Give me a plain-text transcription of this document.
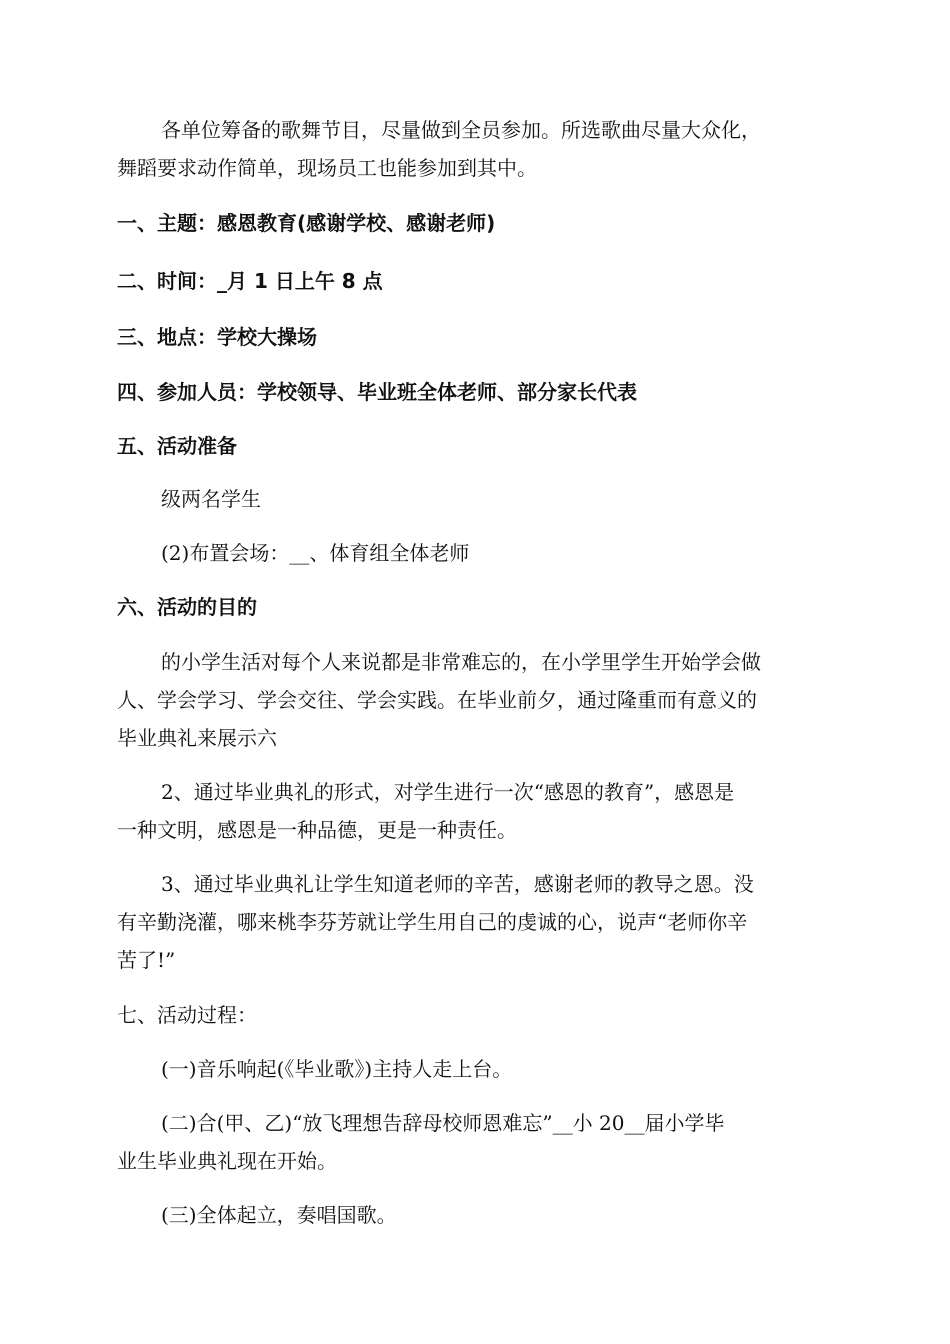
各单位筹备的歌舞节目，尽量做到全员参加。所选歌曲尽量大众化，
舞蹈要求动作简单，现场员工也能参加到其中。
一、主题：感恩教育(感谢学校、感谢老师)
二、时间：_月 1 日上午 8 点
三、地点：学校大操场
四、参加人员：学校领导、毕业班全体老师、部分家长代表
五、活动准备
级两名学生
(2)布置会场：__、体育组全体老师
六、活动的目的
的小学生活对每个人来说都是非常难忘的，在小学里学生开始学会做
人、学会学习、学会交往、学会实践。在毕业前夕，通过隆重而有意义的
毕业典礼来展示六
2、通过毕业典礼的形式，对学生进行一次“感恩的教育”，感恩是
一种文明，感恩是一种品德，更是一种责任。
3、通过毕业典礼让学生知道老师的辛苦，感谢老师的教导之恩。没
有辛勤浇灌，哪来桃李芬芳就让学生用自己的虔诚的心，说声“老师你辛
苦了!”
七、活动过程：
(一)音乐响起(《毕业歌》)主持人走上台。
(二)合(甲、乙)“放飞理想告辞母校师恩难忘”__小 20__届小学毕
业生毕业典礼现在开始。
(三)全体起立，奏唱国歌。
